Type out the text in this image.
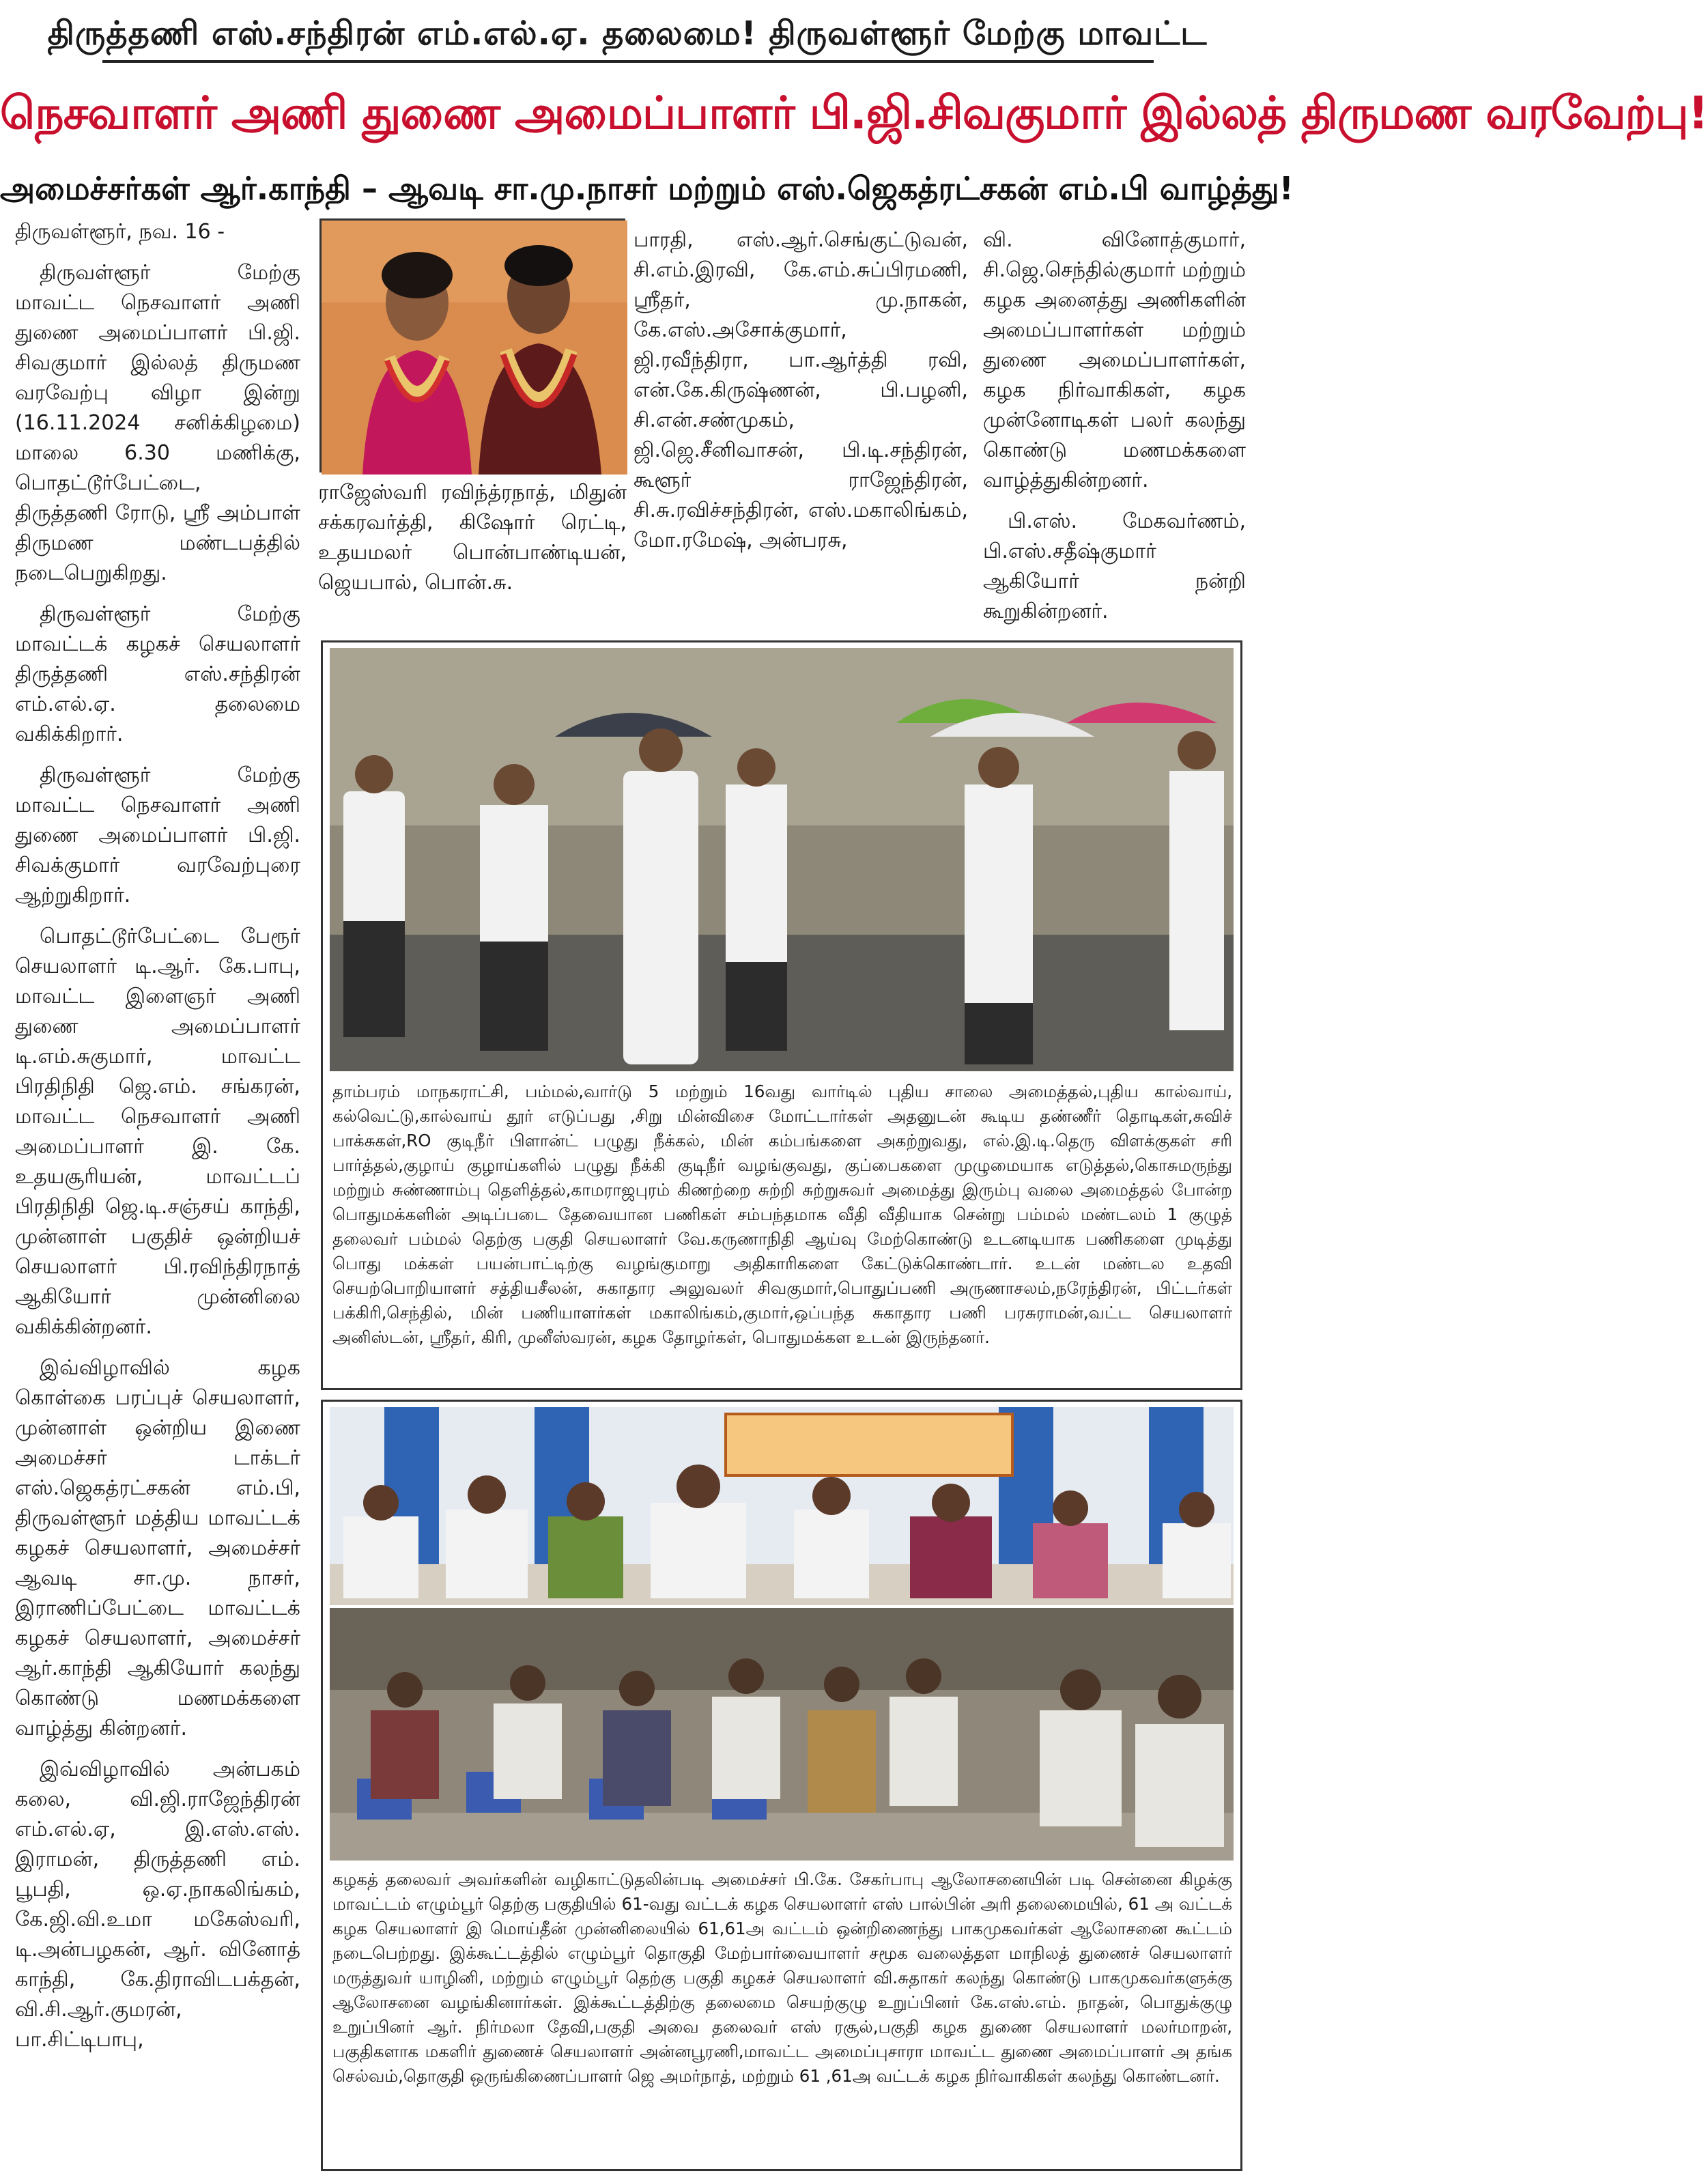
திருத்தணி எஸ்.சந்திரன் எம்.எல்.ஏ. தலைமை! திருவள்ளூர் மேற்கு மாவட்ட
நெசவாளர் அணி துணை அமைப்பாளர் பி.ஜி.சிவகுமார் இல்லத் திருமண வரவேற்பு!
அமைச்சர்கள் ஆர்.காந்தி – ஆவடி சா.மு.நாசர் மற்றும் எஸ்.ஜெகத்ரட்சகன் எம்.பி வாழ்த்து!

திருவள்ளூர், நவ. 16 -

திருவள்ளூர் மேற்கு மாவட்ட நெசவாளர் அணி துணை அமைப்பாளர் பி.ஜி. சிவகுமார் இல்லத் திருமண வரவேற்பு விழா இன்று (16.11.2024 சனிக்கிழமை) மாலை 6.30 மணிக்கு, பொதட்டூர்பேட்டை, திருத்தணி ரோடு, ஸ்ரீ அம்பாள் திருமண மண்டபத்தில் நடைபெறுகிறது.

திருவள்ளூர் மேற்கு மாவட்டக் கழகச் செயலாளர் திருத்தணி எஸ்.சந்திரன் எம்.எல்.ஏ. தலைமை வகிக்கிறார்.

திருவள்ளூர் மேற்கு மாவட்ட நெசவாளர் அணி துணை அமைப்பாளர் பி.ஜி. சிவக்குமார் வரவேற்புரை ஆற்றுகிறார்.

பொதட்டூர்பேட்டை பேரூர் செயலாளர் டி.ஆர். கே.பாபு, மாவட்ட இளைஞர் அணி துணை அமைப்பாளர் டி.எம்.சுகுமார், மாவட்ட பிரதிநிதி ஜெ.எம். சங்கரன், மாவட்ட நெசவாளர் அணி அமைப்பாளர் இ. கே. உதயசூரியன், மாவட்டப் பிரதிநிதி ஜெ.டி.சஞ்சய் காந்தி, முன்னாள் பகுதிச் ஒன்றியச் செயலாளர் பி.ரவிந்திரநாத் ஆகியோர் முன்னிலை வகிக்கின்றனர்.

இவ்விழாவில் கழக கொள்கை பரப்புச் செயலாளர், முன்னாள் ஒன்றிய இணை அமைச்சர் டாக்டர் எஸ்.ஜெகத்ரட்சகன் எம்.பி, திருவள்ளூர் மத்திய மாவட்டக் கழகச் செயலாளர், அமைச்சர் ஆவடி சா.மு. நாசர், இராணிப்பேட்டை மாவட்டக் கழகச் செயலாளர், அமைச்சர் ஆர்.காந்தி ஆகியோர் கலந்து கொண்டு மணமக்களை வாழ்த்து கின்றனர்.

இவ்விழாவில் அன்பகம் கலை, வி.ஜி.ராஜேந்திரன் எம்.எல்.ஏ, இ.எஸ்.எஸ். இராமன், திருத்தணி எம். பூபதி, ஒ.ஏ.நாகலிங்கம், கே.ஜி.வி.உமா மகேஸ்வரி, டி.அன்பழகன், ஆர். வினோத் காந்தி, கே.திராவிடபக்தன், வி.சி.ஆர்.குமரன், பா.சிட்டிபாபு,

ராஜேஸ்வரி ரவிந்த்ரநாத், மிதுன் சக்கரவர்த்தி, கிஷோர் ரெட்டி, உதயமலர் பொன்பாண்டியன், ஜெயபால், பொன்.சு.

பாரதி, எஸ்.ஆர்.செங்குட்டுவன், சி.எம்.இரவி, கே.எம்.சுப்பிரமணி, ஸ்ரீதர், மு.நாகன், கே.எஸ்.அசோக்குமார், ஜி.ரவீந்திரா, பா.ஆர்த்தி ரவி, என்.கே.கிருஷ்ணன், பி.பழனி, சி.என்.சண்முகம், ஜி.ஜெ.சீனிவாசன், பி.டி.சந்திரன், கூளூர் ராஜேந்திரன், சி.சு.ரவிச்சந்திரன், எஸ்.மகாலிங்கம், மோ.ரமேஷ், அன்பரசு,

வி. வினோத்குமார், சி.ஜெ.செந்தில்குமார் மற்றும் கழக அனைத்து அணிகளின் அமைப்பாளர்கள் மற்றும் துணை அமைப்பாளர்கள், கழக நிர்வாகிகள், கழக முன்னோடிகள் பலர் கலந்து கொண்டு மணமக்களை வாழ்த்துகின்றனர்.

பி.எஸ். மேகவர்ணம், பி.எஸ்.சதீஷ்குமார் ஆகியோர் நன்றி கூறுகின்றனர்.

தாம்பரம் மாநகராட்சி, பம்மல்,வார்டு 5 மற்றும் 16வது வார்டில் புதிய சாலை அமைத்தல்,புதிய கால்வாய், கல்வெட்டு,கால்வாய் தூர் எடுப்பது ,சிறு மின்விசை மோட்டார்கள் அதனுடன் கூடிய தண்ணீர் தொடிகள்,சுவிச் பாக்சுகள்,RO குடிநீர் பிளான்ட் பழுது நீக்கல், மின் கம்பங்களை அகற்றுவது, எல்.இ.டி.தெரு விளக்குகள் சரி பார்த்தல்,குழாய் குழாய்களில் பழுது நீக்கி குடிநீர் வழங்குவது, குப்பைகளை முழுமையாக எடுத்தல்,கொசுமருந்து மற்றும் சுண்ணாம்பு தெளித்தல்,காமராஜபுரம் கிணற்றை சுற்றி சுற்றுசுவர் அமைத்து இரும்பு வலை அமைத்தல் போன்ற பொதுமக்களின் அடிப்படை தேவையான பணிகள் சம்பந்தமாக வீதி வீதியாக சென்று பம்மல் மண்டலம் 1 குழுத் தலைவர் பம்மல் தெற்கு பகுதி செயலாளர் வே.கருணாநிதி ஆய்வு மேற்கொண்டு உடனடியாக பணிகளை முடித்து பொது மக்கள் பயன்பாட்டிற்கு வழங்குமாறு அதிகாரிகளை கேட்டுக்கொண்டார். உடன் மண்டல உதவி செயற்பொறியாளர் சத்தியசீலன், சுகாதார அலுவலர் சிவகுமார்,பொதுப்பணி அருணாசலம்,நரேந்திரன், பிட்டர்கள் பக்கிரி,செந்தில், மின் பணியாளர்கள் மகாலிங்கம்,குமார்,ஒப்பந்த சுகாதார பணி பரசுராமன்,வட்ட செயலாளர் அனிஸ்டன், ஸ்ரீதர், கிரி, முனீஸ்வரன், கழக தோழர்கள், பொதுமக்கள உடன் இருந்தனர்.
கழகத் தலைவர் அவர்களின் வழிகாட்டுதலின்படி அமைச்சர் பி.கே. சேகர்பாபு ஆலோசனையின் படி சென்னை கிழக்கு மாவட்டம் எழும்பூர் தெற்கு பகுதியில் 61-வது வட்டக் கழக செயலாளர் எஸ் பால்பின் அரி தலைமையில், 61 அ வட்டக் கழக செயலாளர் இ மொய்தீன் முன்னிலையில் 61,61அ வட்டம் ஒன்றிணைந்து பாகமுகவர்கள் ஆலோசனை கூட்டம் நடைபெற்றது. இக்கூட்டத்தில் எழும்பூர் தொகுதி மேற்பார்வையாளர் சமூக வலைத்தள மாநிலத் துணைச் செயலாளர் மருத்துவர் யாழினி, மற்றும் எழும்பூர் தெற்கு பகுதி கழகச் செயலாளர் வி.சுதாகர் கலந்து கொண்டு பாகமுகவர்களுக்கு ஆலோசனை வழங்கினார்கள். இக்கூட்டத்திற்கு தலைமை செயற்குழு உறுப்பினர் கே.எஸ்.எம். நாதன், பொதுக்குழு உறுப்பினர் ஆர். நிர்மலா தேவி,பகுதி அவை தலைவர் எஸ் ரசூல்,பகுதி கழக துணை செயலாளர் மலர்மாறன், பகுதிகளாக மகளிர் துணைச் செயலாளர் அன்னபூரணி,மாவட்ட அமைப்புசாரா மாவட்ட துணை அமைப்பாளர் அ தங்க செல்வம்,தொகுதி ஒருங்கிணைப்பாளர் ஜெ அமர்நாத், மற்றும் 61 ,61அ வட்டக் கழக நிர்வாகிகள் கலந்து கொண்டனர்.
